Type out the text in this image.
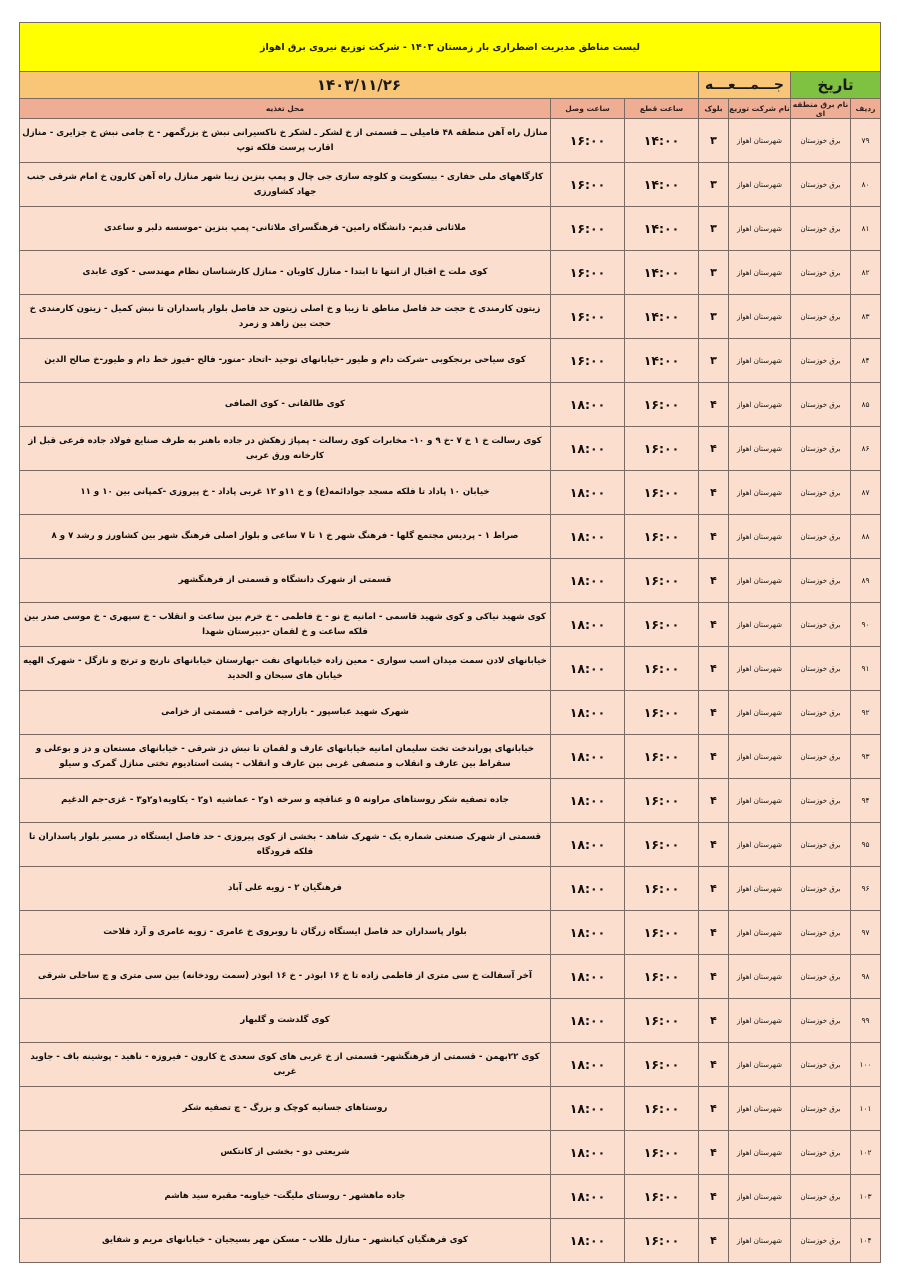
لیست مناطق مدیریت اضطراری بار زمستان ۱۴۰۳ - شرکت توزیع نیروی برق اهواز						
تاریخ		جـــمـــعـــه		۱۴۰۳/۱۱/۲۶		
ردیف	نام برق منطقه ای	نام شرکت توزیع	بلوک	ساعت قطع	ساعت وصل	محل تغذیه
۷۹	برق خوزستان	شهرستان اهواز	۳	۱۴:۰۰	۱۶:۰۰	منازل راه آهن منطقه ۴۸ فامیلی ــ قسمتی از خ لشکر ـ لشکر خ ناکسیرانی نبش خ بزرگمهر - خ جامی نبش خ جزایری - منازل اقارب پرست فلکه توپ
۸۰	برق خوزستان	شهرستان اهواز	۳	۱۴:۰۰	۱۶:۰۰	کارگاههای ملی حفاری - بیسکویت و کلوچه سازی جی چال و پمپ بنزین زیبا شهر منازل راه آهن کارون خ امام شرقی جنب جهاد کشاورزی
۸۱	برق خوزستان	شهرستان اهواز	۳	۱۴:۰۰	۱۶:۰۰	ملاثانی قدیم- دانشگاه رامین- فرهنگسرای ملاثانی- پمپ بنزین -موسسه دلبر و ساعدی
۸۲	برق خوزستان	شهرستان اهواز	۳	۱۴:۰۰	۱۶:۰۰	کوی ملت خ اقبال از انتها تا ابتدا - منازل کاویان - منازل کارشناسان نظام مهندسی - کوی عابدی
۸۳	برق خوزستان	شهرستان اهواز	۳	۱۴:۰۰	۱۶:۰۰	زیتون کارمندی خ حجت حد فاصل مناطق تا زیبا و خ اصلی زیتون حد فاصل بلوار پاسداران تا نبش کمیل - زیتون کارمندی خ حجت بین زاهد و زمرد
۸۴	برق خوزستان	شهرستان اهواز	۳	۱۴:۰۰	۱۶:۰۰	کوی سیاحی برنجکوبی -شرکت دام و طیور -خیابانهای توحید -اتحاد -منور- فالح -فیوز خط دام و طیور-خ صالح الدین
۸۵	برق خوزستان	شهرستان اهواز	۴	۱۶:۰۰	۱۸:۰۰	کوی طالقانی - کوی الصافی
۸۶	برق خوزستان	شهرستان اهواز	۴	۱۶:۰۰	۱۸:۰۰	کوی رسالت خ ۱ خ ۷ -خ ۹ و ۱۰- مخابرات کوی رسالت - پمپاژ زهکش در جاده باهنر به طرف صنایع فولاد جاده فرعی قبل از کارخانه ورق عربی
۸۷	برق خوزستان	شهرستان اهواز	۴	۱۶:۰۰	۱۸:۰۰	خیابان ۱۰ پاداد تا فلکه مسجد جوادائمه(ع) و خ ۱۱و ۱۲ غربی پاداد - خ پیروزی -کمپانی بین ۱۰ و ۱۱
۸۸	برق خوزستان	شهرستان اهواز	۴	۱۶:۰۰	۱۸:۰۰	صراط ۱ - پردیس مجتمع گلها - فرهنگ شهر خ ۱ تا ۷ ساعی و بلوار اصلی فرهنگ شهر بین کشاورز و رشد ۷ و ۸
۸۹	برق خوزستان	شهرستان اهواز	۴	۱۶:۰۰	۱۸:۰۰	قسمتی از شهرک دانشگاه و قسمتی از فرهنگشهر
۹۰	برق خوزستان	شهرستان اهواز	۴	۱۶:۰۰	۱۸:۰۰	کوی شهید نیاکی و کوی شهید قاسمی - امانیه خ نو - خ فاطمی - خ خرم بین ساعت و انقلاب - خ سپهری - خ موسی صدر بین فلکه ساعت و خ لقمان -دبیرستان شهدا
۹۱	برق خوزستان	شهرستان اهواز	۴	۱۶:۰۰	۱۸:۰۰	خیابانهای لادن سمت میدان اسب سواری - معین زاده خیابانهای نفت -بهارستان خیابانهای نارنج و ترنج و نازگل - شهرک الهیه خیابان های سبحان و الحدید
۹۲	برق خوزستان	شهرستان اهواز	۴	۱۶:۰۰	۱۸:۰۰	شهرک شهید عباسپور - بازارچه خزامی - قسمتی از خزامی
۹۳	برق خوزستان	شهرستان اهواز	۴	۱۶:۰۰	۱۸:۰۰	خیابانهای پوراندخت تخت سلیمان امانیه خیابانهای عارف و لقمان تا نبش دز شرقی - خیابانهای مستعان و دز و بوعلی و سقراط بین عارف و انقلاب و منصفی غربی بین عارف و انقلاب - پشت استادیوم تختی منازل گمرک و سیلو
۹۴	برق خوزستان	شهرستان اهواز	۴	۱۶:۰۰	۱۸:۰۰	جاده تصفیه شکر روستاهای مراونه ۵ و عنافچه و سرخه ۱و۲ - عماشیه ۱و۲ - یکاویه۱و۲و۳ - غزی-جم الدغیم
۹۵	برق خوزستان	شهرستان اهواز	۴	۱۶:۰۰	۱۸:۰۰	قسمتی از شهرک صنعتی شماره یک - شهرک شاهد - بخشی از کوی پیروزی - حد فاصل ایستگاه در مسیر بلوار پاسداران تا فلکه فرودگاه
۹۶	برق خوزستان	شهرستان اهواز	۴	۱۶:۰۰	۱۸:۰۰	فرهنگیان ۲ - زویه علی آباد
۹۷	برق خوزستان	شهرستان اهواز	۴	۱۶:۰۰	۱۸:۰۰	بلوار پاسداران حد فاصل ایستگاه زرگان تا روبروی خ عامری - زویه عامری و آرد فلاحت
۹۸	برق خوزستان	شهرستان اهواز	۴	۱۶:۰۰	۱۸:۰۰	آخر آسفالت خ سی متری از فاطمی زاده تا خ ۱۶ ابوذر - خ ۱۶ ابوذر (سمت رودخانه) بین سی متری و چ ساحلی شرقی
۹۹	برق خوزستان	شهرستان اهواز	۴	۱۶:۰۰	۱۸:۰۰	کوی گلدشت و گلبهار
۱۰۰	برق خوزستان	شهرستان اهواز	۴	۱۶:۰۰	۱۸:۰۰	کوی ۲۲بهمن - قسمتی از فرهنگشهر- قسمتی از خ غربی های کوی سعدی خ کارون - فیروزه - ناهید - پوشینه باف - جاوید غربی
۱۰۱	برق خوزستان	شهرستان اهواز	۴	۱۶:۰۰	۱۸:۰۰	روستاهای جسانیه کوچک و بزرگ - چ تصفیه شکر
۱۰۲	برق خوزستان	شهرستان اهواز	۴	۱۶:۰۰	۱۸:۰۰	شریعتی دو - بخشی از کانتکس
۱۰۳	برق خوزستان	شهرستان اهواز	۴	۱۶:۰۰	۱۸:۰۰	جاده ماهشهر - روستای ملیگت- خیاویه- مقبره سید هاشم
۱۰۴	برق خوزستان	شهرستان اهواز	۴	۱۶:۰۰	۱۸:۰۰	کوی فرهنگیان کیانشهر - منازل طلاب - مسکن مهر بسیجیان - خیابانهای مریم و شفایق
